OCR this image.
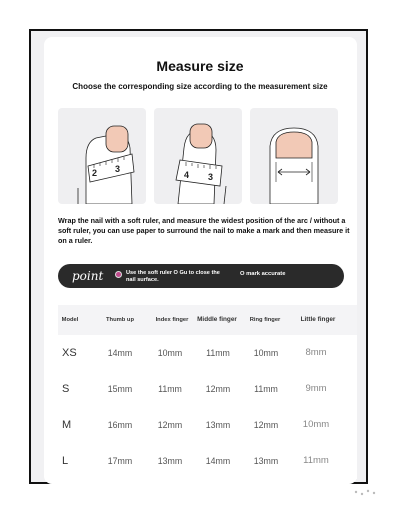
Measure size
Choose the corresponding size according to the measurement size
2 3
4 3
Wrap the nail with a soft ruler, and measure the widest position of the arc / without a soft ruler, you can use paper to surround the nail to make a mark and then measure it on a ruler.
point	Use the soft ruler O Gu to close the nail surface.
O mark accurate
Model	Thumb up	Index finger	Middle finger	Ring finger	Little finger
XS	14mm	10mm	11mm	10mm	8mm
S	15mm	11mm	12mm	11mm	9mm
M	16mm	12mm	13mm	12mm	10mm
L	17mm	13mm	14mm	13mm	11mm
